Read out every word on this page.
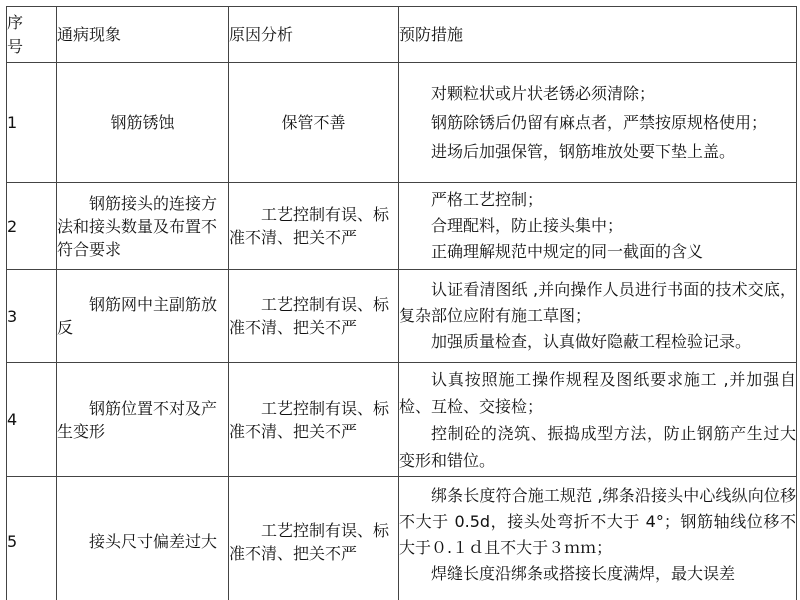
序
号	通病现象	原因分析	预防措施
1	钢筋锈蚀	保管不善	对颗粒状或片状老锈必须清除；

钢筋除锈后仍留有麻点者，严禁按原规格使用；

进场后加强保管，钢筋堆放处要下垫上盖。

2	钢筋接头的连接方法和接头数量及布置不符合要求	工艺控制有误、标准不清、把关不严	严格工艺控制；

合理配料，防止接头集中；

正确理解规范中规定的同一截面的含义

3	钢筋网中主副筋放反	工艺控制有误、标准不清、把关不严	认证看清图纸 ,并向操作人员进行书面的技术交底，复杂部位应附有施工草图；

加强质量检查，认真做好隐蔽工程检验记录。

4	钢筋位置不对及产生变形	工艺控制有误、标准不清、把关不严	认真按照施工操作规程及图纸要求施工 ,并加强自检、互检、交接检；

控制砼的浇筑、振捣成型方法，防止钢筋产生过大变形和错位。

5	接头尺寸偏差过大	工艺控制有误、标准不清、把关不严	绑条长度符合施工规范 ,绑条沿接头中心线纵向位移不大于 0.5d，接头处弯折不大于 4°；钢筋轴线位移不大于０.１ｄ且不大于３ｍｍ；

焊缝长度沿绑条或搭接长度满焊，最大误差
